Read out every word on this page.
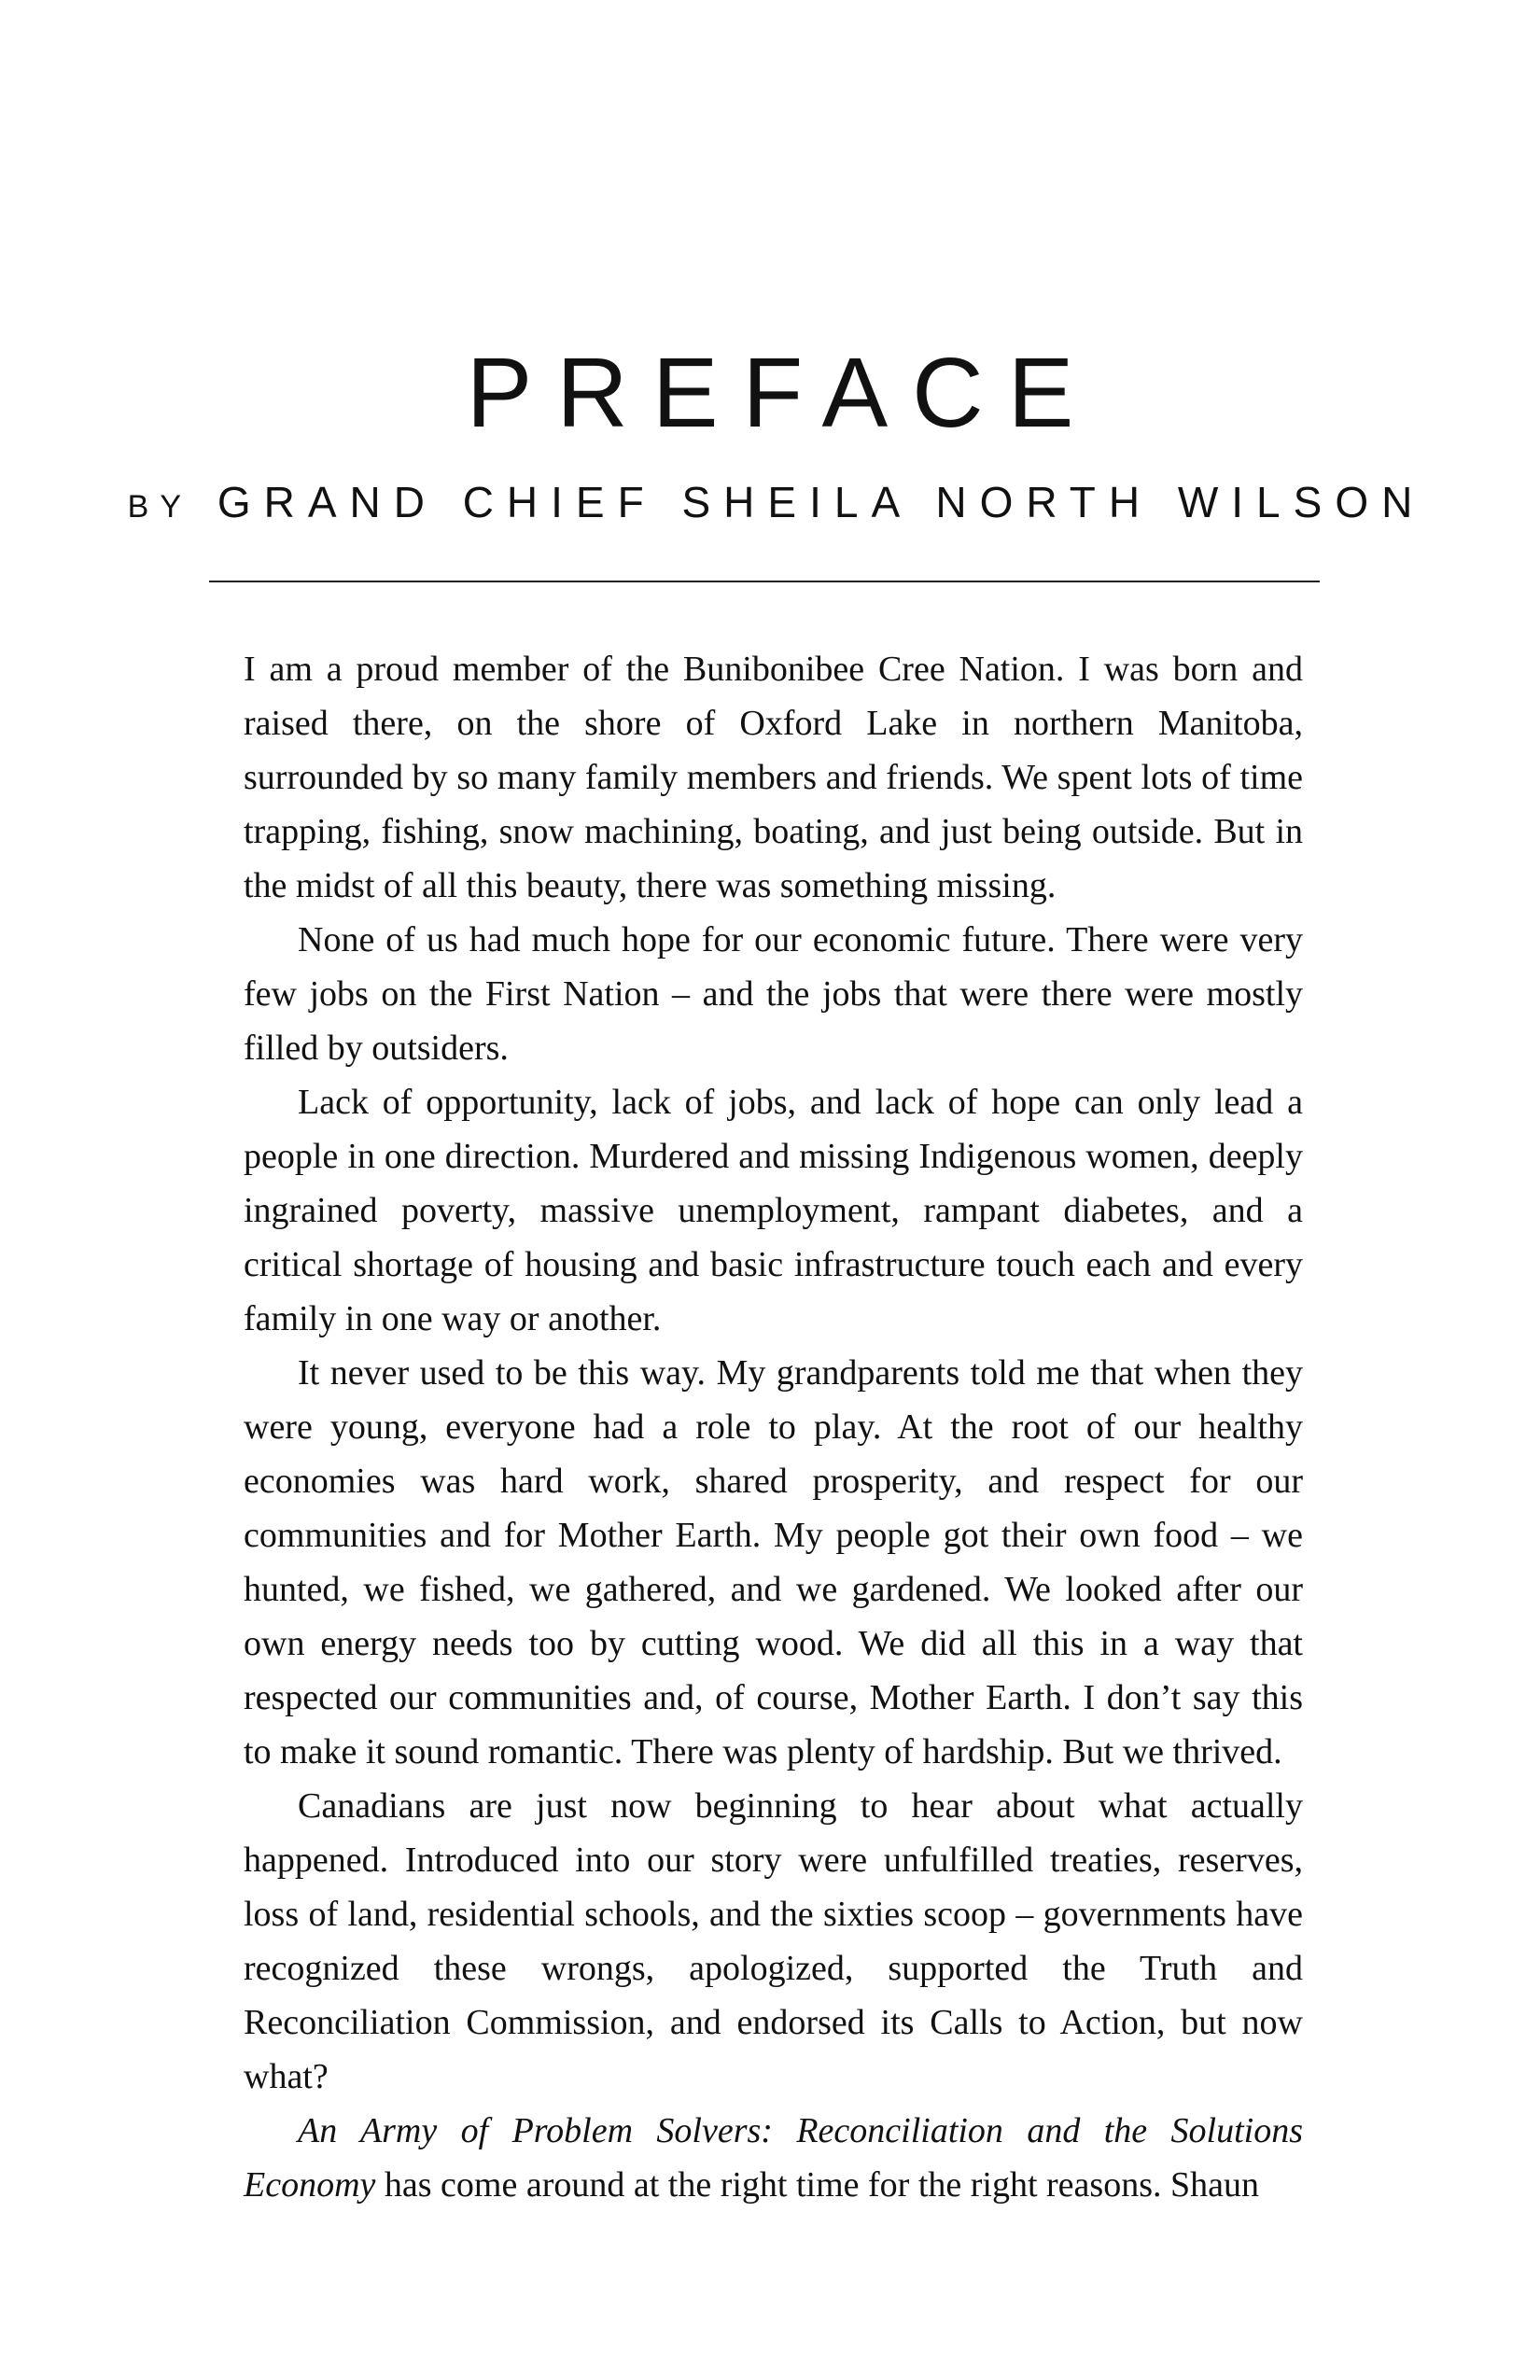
PREFACE
BY GRAND CHIEF SHEILA NORTH WILSON

I am a proud member of the Bunibonibee Cree Nation. I was born and raised there, on the shore of Oxford Lake in northern Manitoba, surrounded by so many family members and friends. We spent lots of time trapping, fishing, snow machining, boating, and just being outside. But in the midst of all this beauty, there was something missing.

None of us had much hope for our economic future. There were very few jobs on the First Nation – and the jobs that were there were mostly filled by outsiders.

Lack of opportunity, lack of jobs, and lack of hope can only lead a people in one direction. Murdered and missing Indigenous women, deeply ingrained poverty, massive unemployment, rampant diabetes, and a critical shortage of housing and basic infrastructure touch each and every family in one way or another.

It never used to be this way. My grandparents told me that when they were young, everyone had a role to play. At the root of our healthy economies was hard work, shared prosperity, and respect for our communities and for Mother Earth. My people got their own food – we hunted, we fished, we gathered, and we gardened. We looked after our own energy needs too by cutting wood. We did all this in a way that respected our communities and, of course, Mother Earth. I don’t say this to make it sound romantic. There was plenty of hardship. But we thrived.

Canadians are just now beginning to hear about what actually happened. Introduced into our story were unfulfilled treaties, reserves, loss of land, residential schools, and the sixties scoop – governments have recognized these wrongs, apologized, supported the Truth and Reconciliation Commission, and endorsed its Calls to Action, but now what?

An Army of Problem Solvers: Reconciliation and the Solutions Economy has come around at the right time for the right reasons. Shaun
